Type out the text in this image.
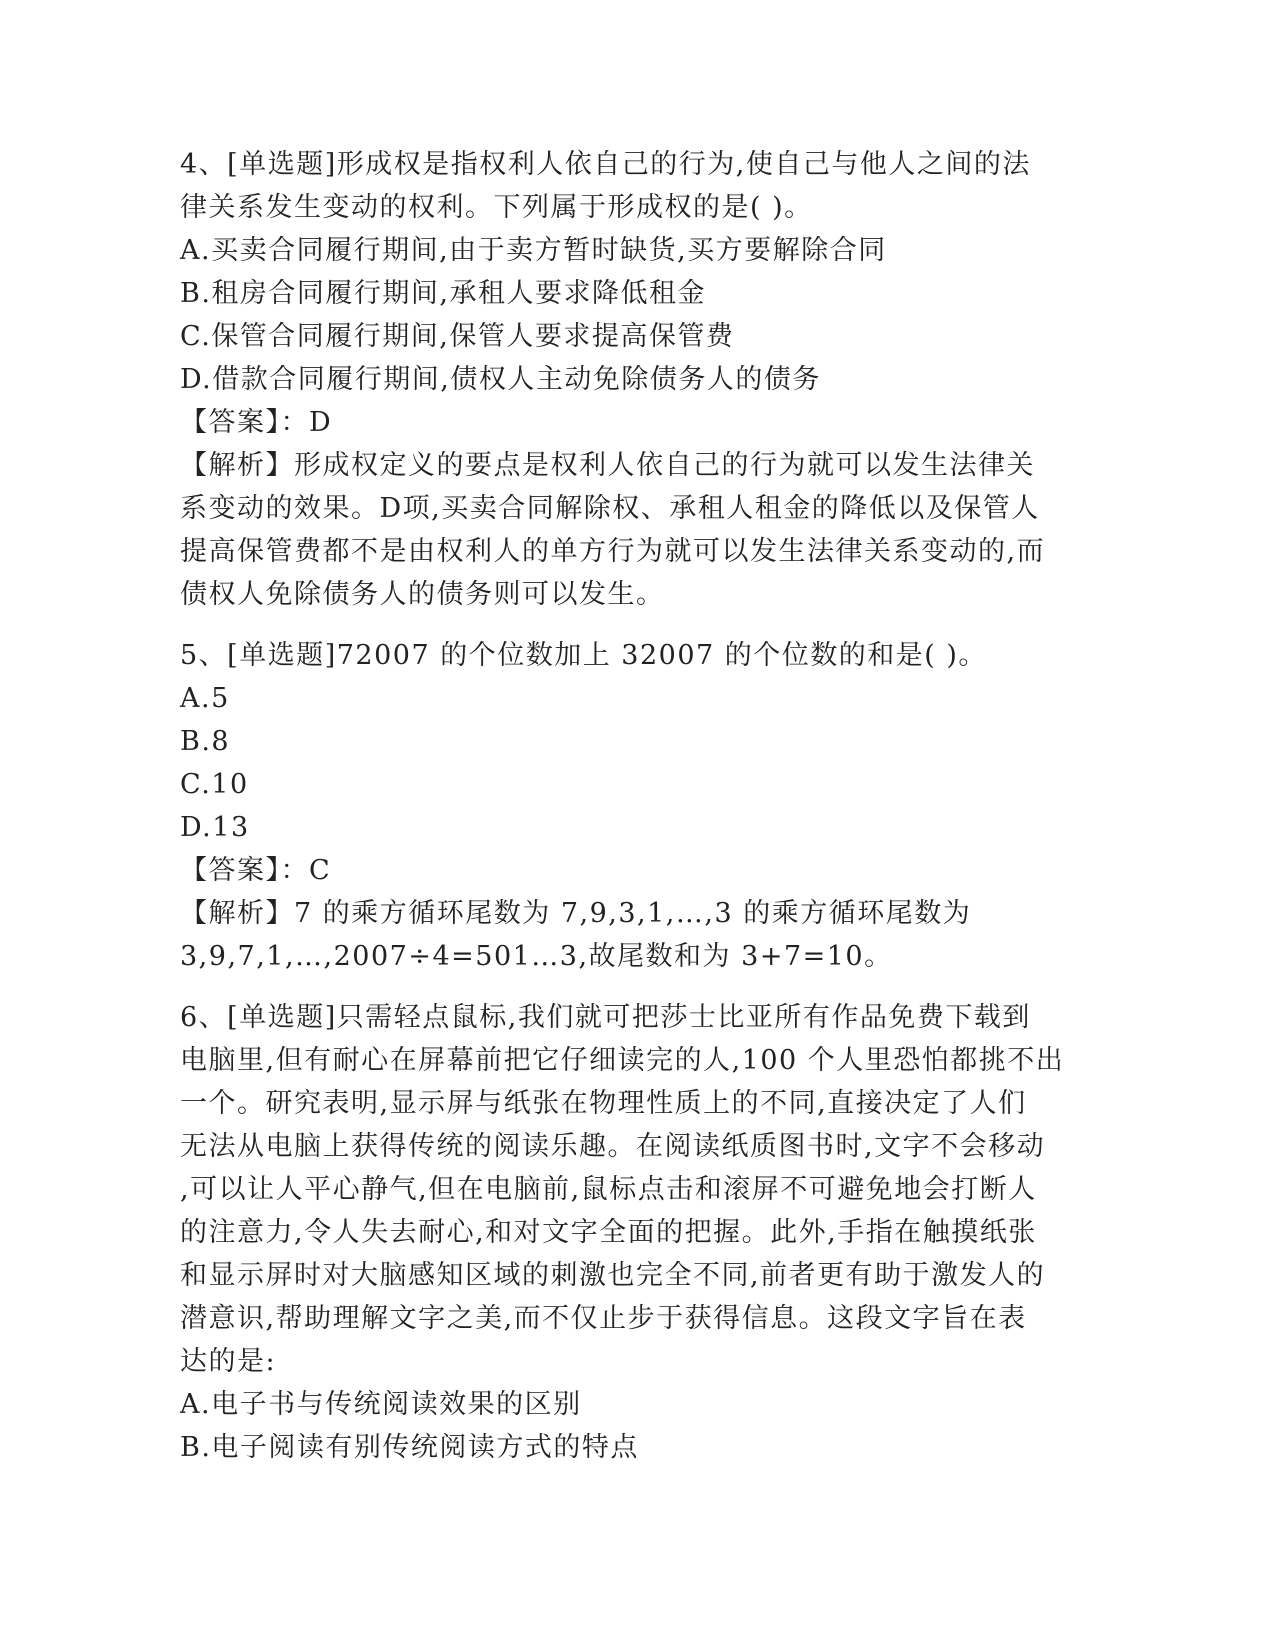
4、[单选题]形成权是指权利人依自己的行为,使自己与他人之间的法
律关系发生变动的权利。下列属于形成权的是( )。
A.买卖合同履行期间,由于卖方暂时缺货,买方要解除合同
B.租房合同履行期间,承租人要求降低租金
C.保管合同履行期间,保管人要求提高保管费
D.借款合同履行期间,债权人主动免除债务人的债务
【答案】：D
【解析】形成权定义的要点是权利人依自己的行为就可以发生法律关
系变动的效果。D项,买卖合同解除权、承租人租金的降低以及保管人
提高保管费都不是由权利人的单方行为就可以发生法律关系变动的,而
债权人免除债务人的债务则可以发生。
5、[单选题]72007 的个位数加上 32007 的个位数的和是( )。
A.5
B.8
C.10
D.13
【答案】：C
【解析】7 的乘方循环尾数为 7,9,3,1,…,3 的乘方循环尾数为
3,9,7,1,…,2007÷4=501…3,故尾数和为 3+7=10。
6、[单选题]只需轻点鼠标,我们就可把莎士比亚所有作品免费下载到
电脑里,但有耐心在屏幕前把它仔细读完的人,100 个人里恐怕都挑不出
一个。研究表明,显示屏与纸张在物理性质上的不同,直接决定了人们
无法从电脑上获得传统的阅读乐趣。在阅读纸质图书时,文字不会移动
,可以让人平心静气,但在电脑前,鼠标点击和滚屏不可避免地会打断人
的注意力,令人失去耐心,和对文字全面的把握。此外,手指在触摸纸张
和显示屏时对大脑感知区域的刺激也完全不同,前者更有助于激发人的
潜意识,帮助理解文字之美,而不仅止步于获得信息。这段文字旨在表
达的是:
A.电子书与传统阅读效果的区别
B.电子阅读有别传统阅读方式的特点
